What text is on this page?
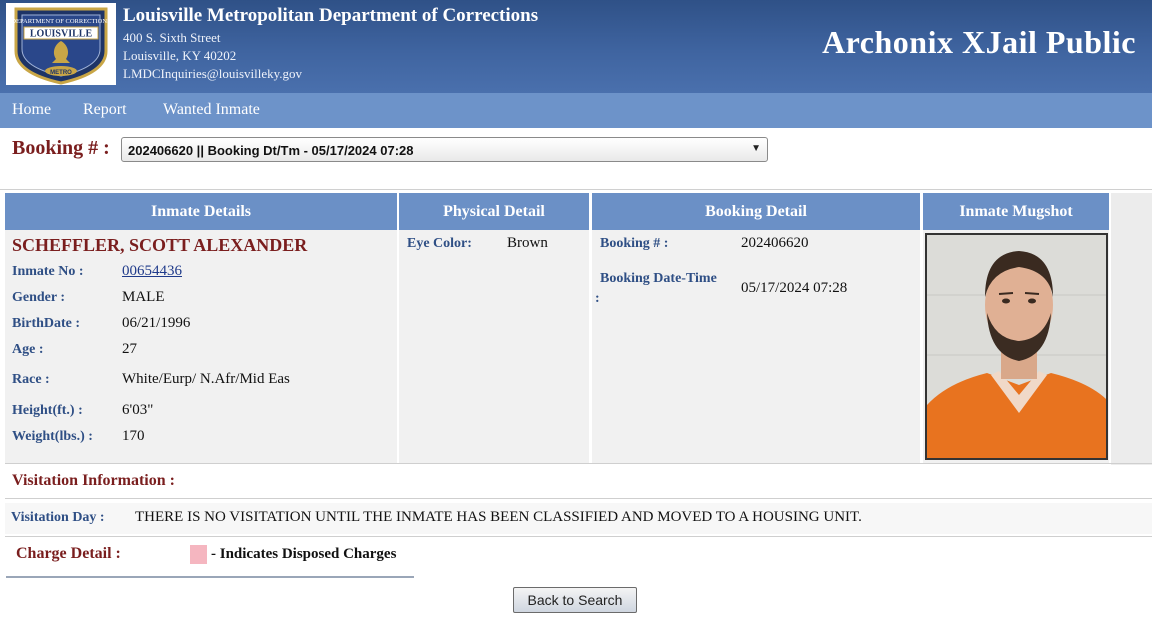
DEPARTMENT OF CORRECTIONS
LOUISVILLE
METRO
Louisville Metropolitan Department of Corrections
400 S. Sixth Street
Louisville, KY 40202
LMDCInquiries@louisvilleky.gov
Archonix XJail Public
Home Report Wanted Inmate
Booking # :	202406620 || Booking Dt/Tm - 05/17/2024 07:28	▼
Inmate Details	Physical Detail	Booking Detail	Inmate Mugshot
SCHEFFLER, SCOTT ALEXANDER
Inmate No :	00654436
Gender :	MALE
BirthDate :	06/21/1996
Age :	27
Race :	White/Eurp/ N.Afr/Mid Eas
Height(ft.) :	6'03"
Weight(lbs.) : 170
Eye Color: Brown	Booking # :	202406620
Booking Date-Time
:
05/17/2024 07:28
Visitation Information :
Visitation Day : THERE IS NO VISITATION UNTIL THE INMATE HAS BEEN CLASSIFIED AND MOVED TO A HOUSING UNIT.
Charge Detail :	- Indicates Disposed Charges
Back to Search
